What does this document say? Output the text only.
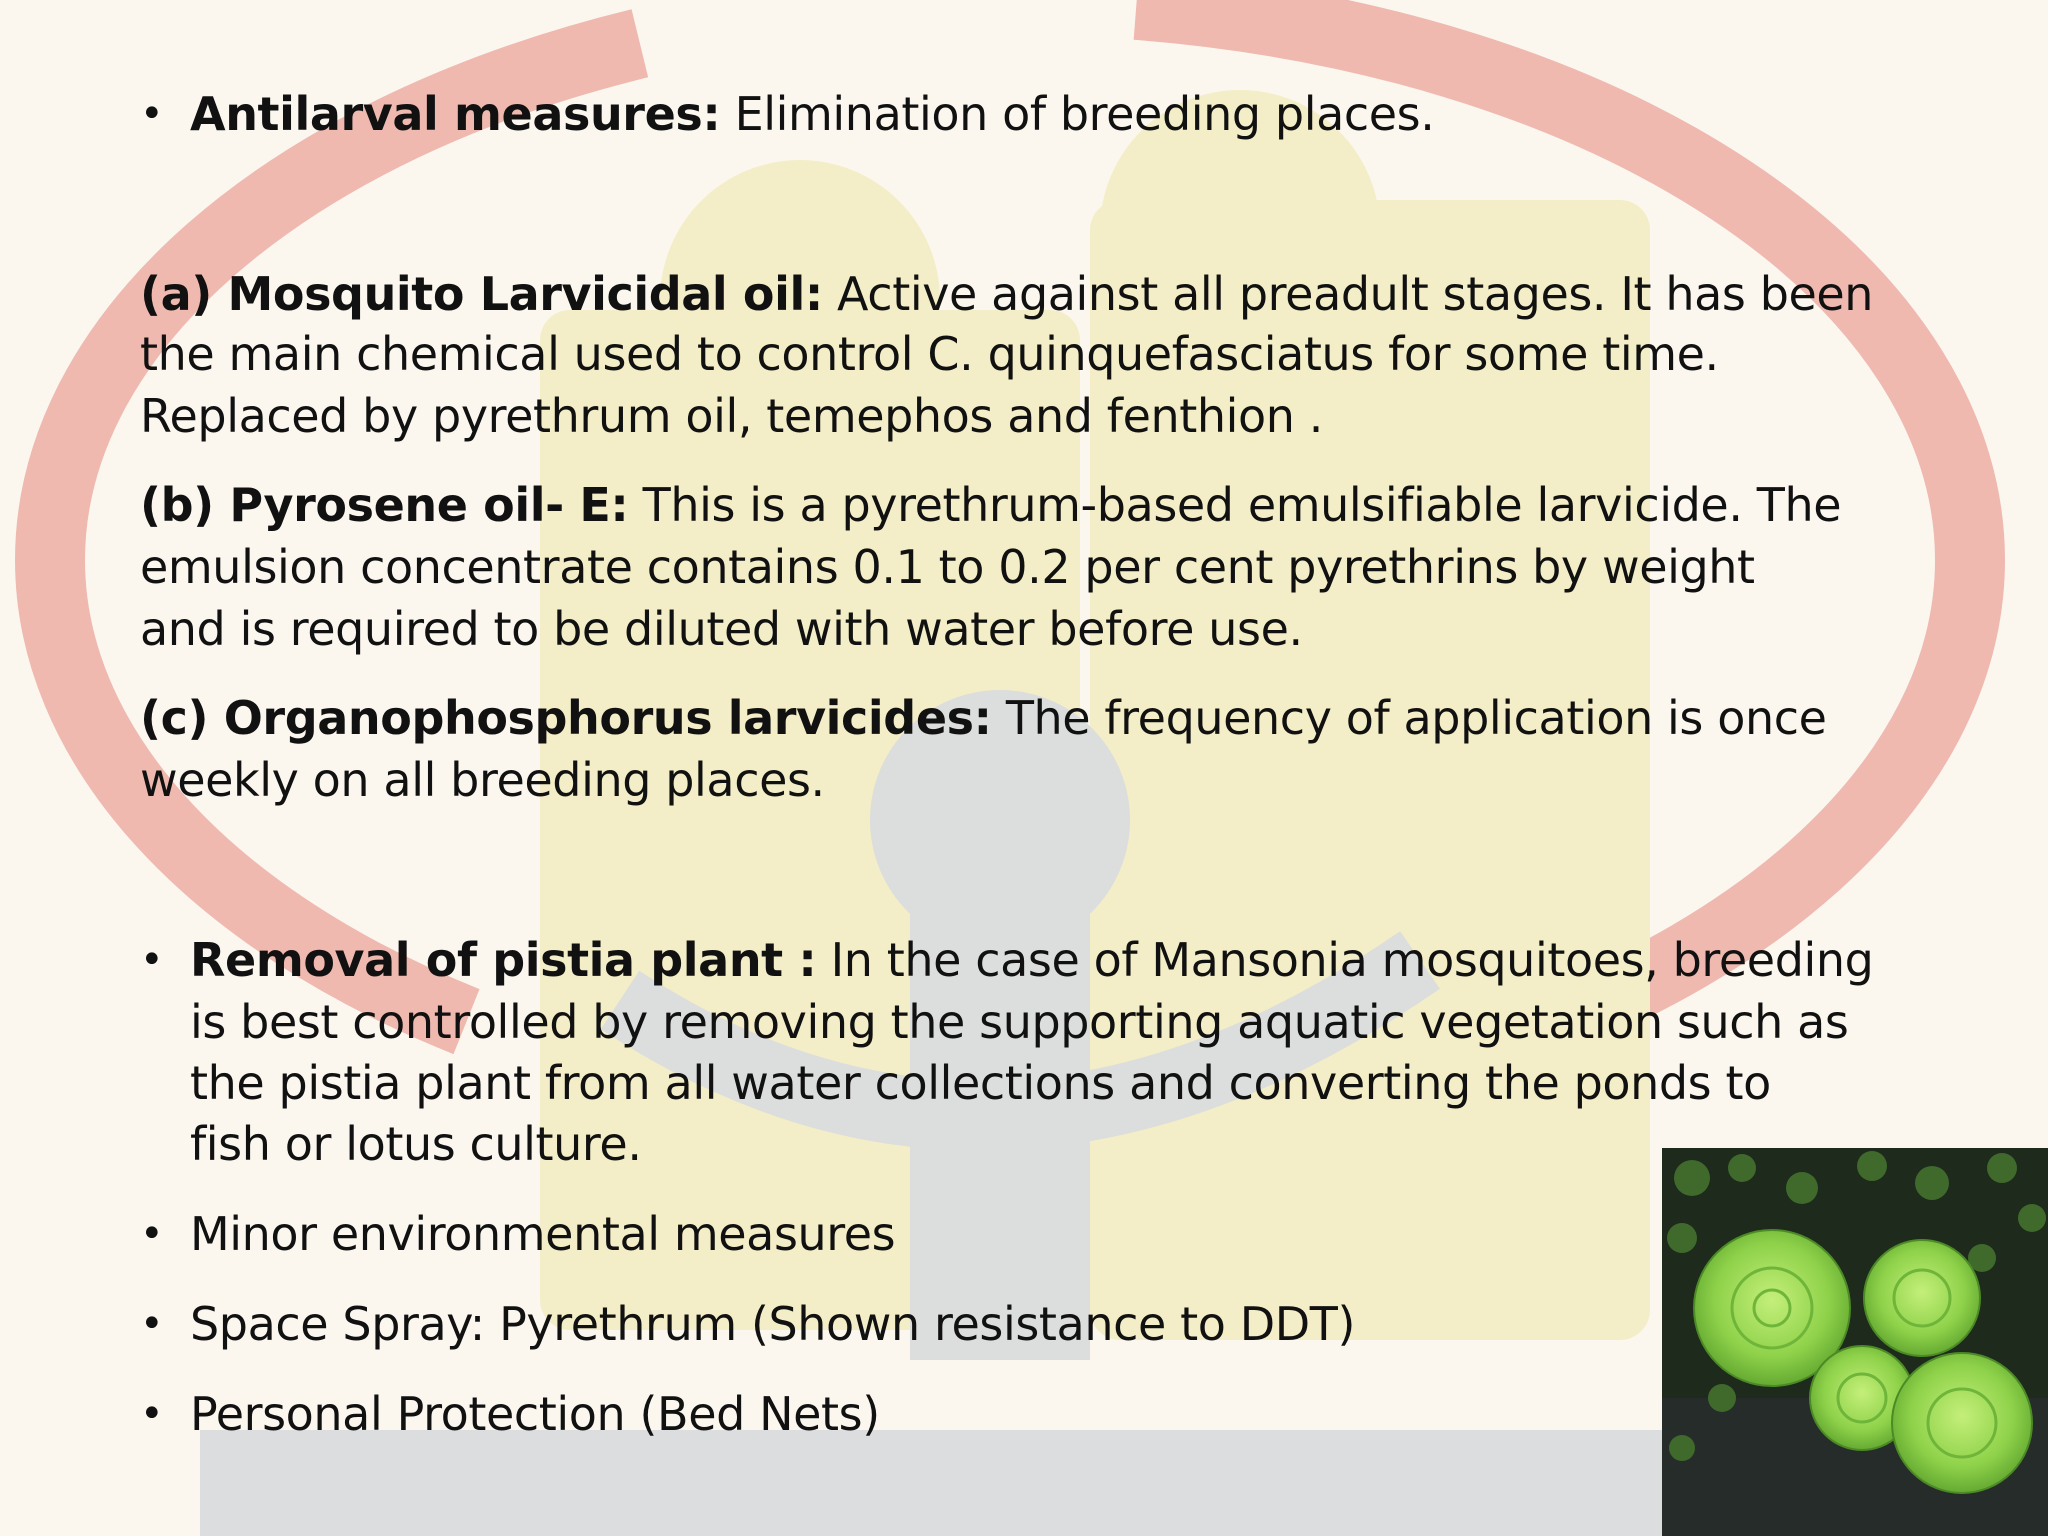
• Antilarval measures: Elimination of breeding places.
(a) Mosquito Larvicidal oil: Active against all preadult stages. It has been
the main chemical used to control C. quinquefasciatus for some time.
Replaced by pyrethrum oil, temephos and fenthion .
(b) Pyrosene oil- E: This is a pyrethrum-based emulsifiable larvicide. The
emulsion concentrate contains 0.1 to 0.2 per cent pyrethrins by weight
and is required to be diluted with water before use.
(c) Organophosphorus larvicides: The frequency of application is once
weekly on all breeding places.
• Removal of pistia plant : In the case of Mansonia mosquitoes, breeding
is best controlled by removing the supporting aquatic vegetation such as
the pistia plant from all water collections and converting the ponds to
fish or lotus culture.
• Minor environmental measures
• Space Spray: Pyrethrum (Shown resistance to DDT)
• Personal Protection (Bed Nets)
